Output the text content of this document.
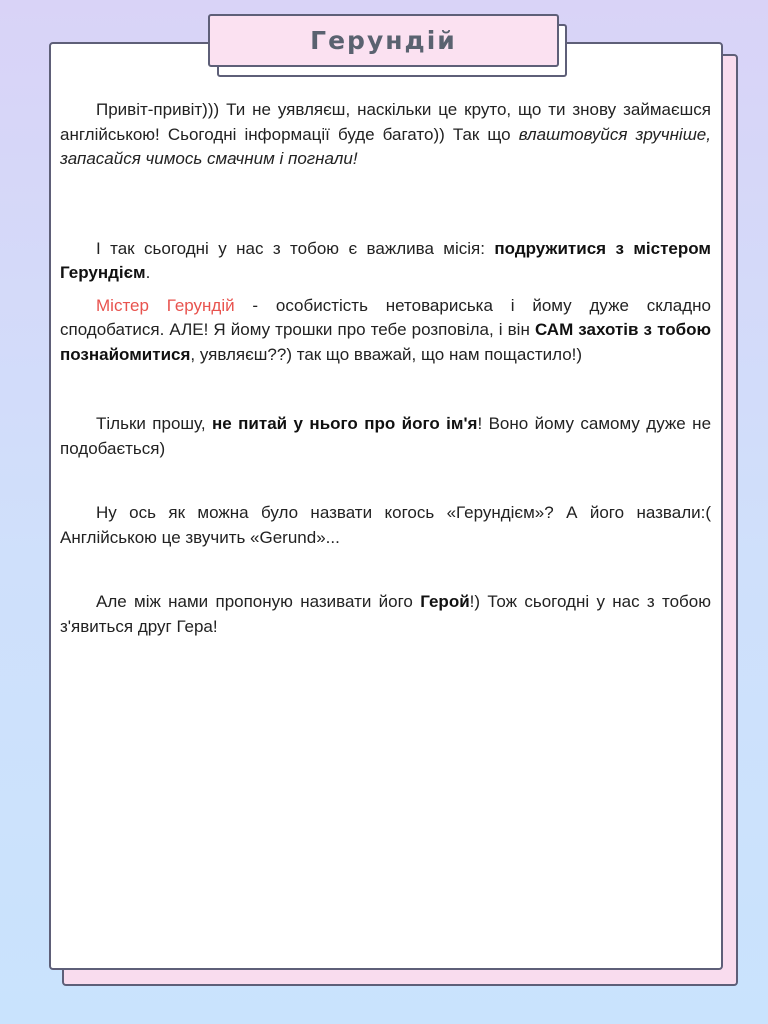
Герундій

Привіт-привіт))) Ти не уявляєш, наскільки це круто, що ти знову займаєшся англійською! Сьогодні інформації буде багато)) Так що влаштовуйся зручніше, запасайся чимось смачним і погнали!

І так сьогодні у нас з тобою є важлива місія: подружитися з містером Герундієм.

Містер Герундій - особистість нетовариська і йому дуже складно сподобатися. АЛЕ! Я йому трошки про тебе розповіла, і він САМ захотів з тобою познайомитися, уявляєш??) так що вважай, що нам пощастило!)

Тільки прошу, не питай у нього про його ім'я! Воно йому самому дуже не подобається)

Ну ось як можна було назвати когось «Герундієм»? А його назвали:( Англійською це звучить «Gerund»...

Але між нами пропоную називати його Герой!) Тож сьогодні у нас з тобою з'явиться друг Гера!
